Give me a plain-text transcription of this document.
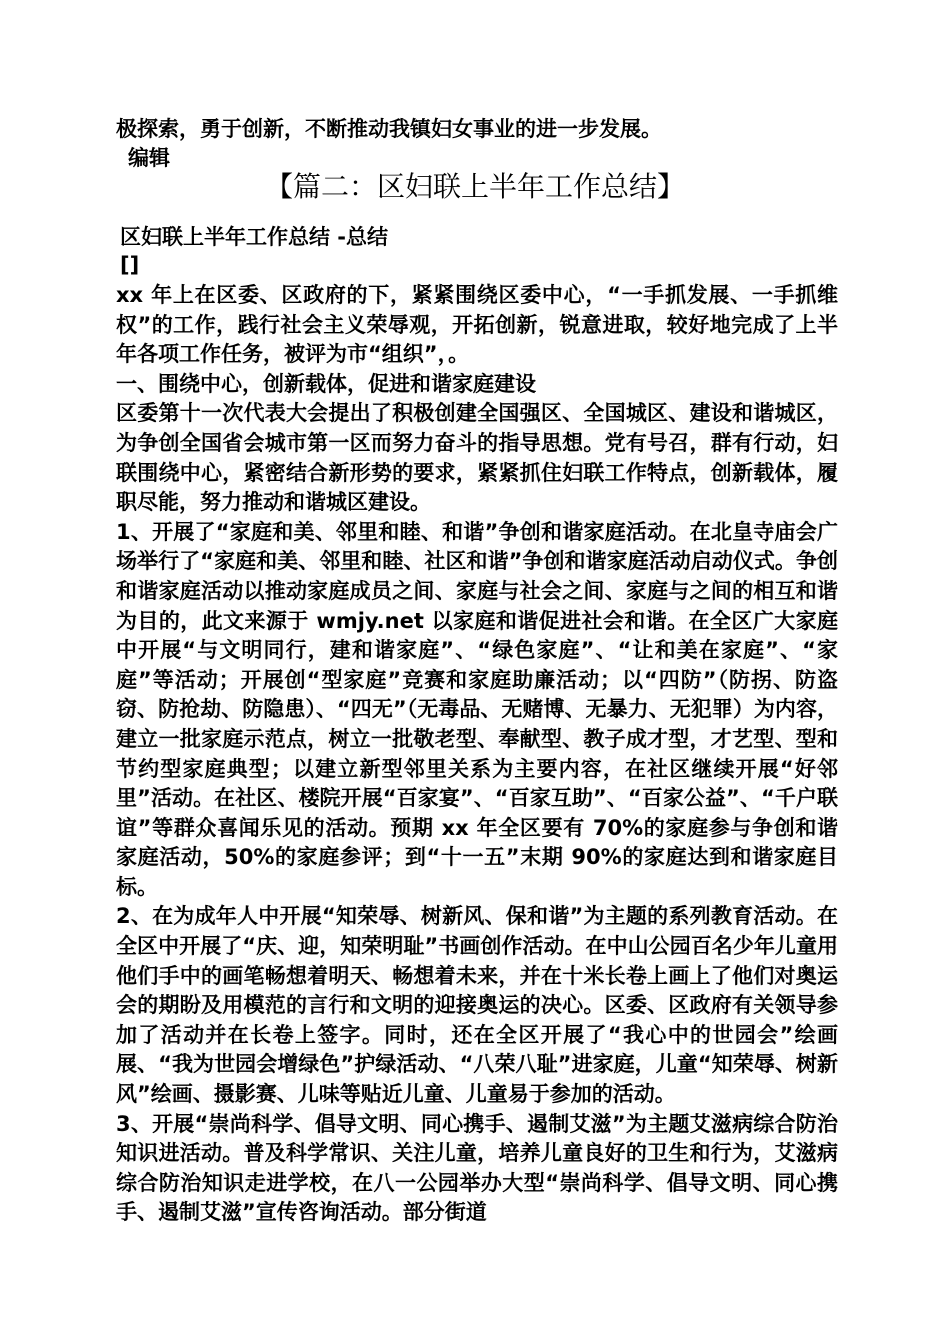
极探索，勇于创新，不断推动我镇妇女事业的进一步发展。
编辑
【篇二：区妇联上半年工作总结】
区妇联上半年工作总结 -总结
[]

xx 年上在区委、区政府的下，紧紧围绕区委中心，“一手抓发展、一手抓维权”的工作，践行社会主义荣辱观，开拓创新，锐意进取，较好地完成了上半年各项工作任务，被评为市“组织”，。

一、围绕中心，创新载体，促进和谐家庭建设

区委第十一次代表大会提出了积极创建全国强区、全国城区、建设和谐城区，为争创全国省会城市第一区而努力奋斗的指导思想。党有号召，群有行动，妇联围绕中心，紧密结合新形势的要求，紧紧抓住妇联工作特点，创新载体，履职尽能，努力推动和谐城区建设。

1、开展了“家庭和美、邻里和睦、和谐”争创和谐家庭活动。在北皇寺庙会广场举行了“家庭和美、邻里和睦、社区和谐”争创和谐家庭活动启动仪式。争创和谐家庭活动以推动家庭成员之间、家庭与社会之间、家庭与之间的相互和谐为目的，此文来源于 wmjy.net 以家庭和谐促进社会和谐。在全区广大家庭中开展“与文明同行，建和谐家庭”、“绿色家庭”、“让和美在家庭”、“家庭”等活动；开展创“型家庭”竞赛和家庭助廉活动；以“四防”（防拐、防盗窃、防抢劫、防隐患）、“四无”（无毒品、无赌博、无暴力、无犯罪）为内容，建立一批家庭示范点，树立一批敬老型、奉献型、教子成才型，才艺型、型和节约型家庭典型；以建立新型邻里关系为主要内容，在社区继续开展“好邻里”活动。在社区、楼院开展“百家宴”、“百家互助”、“百家公益”、“千户联谊”等群众喜闻乐见的活动。预期 xx 年全区要有 70%的家庭参与争创和谐家庭活动，50%的家庭参评；到“十一五”末期 90%的家庭达到和谐家庭目标。

2、在为成年人中开展“知荣辱、树新风、保和谐”为主题的系列教育活动。在全区中开展了“庆、迎，知荣明耻”书画创作活动。在中山公园百名少年儿童用他们手中的画笔畅想着明天、畅想着未来，并在十米长卷上画上了他们对奥运会的期盼及用模范的言行和文明的迎接奥运的决心。区委、区政府有关领导参加了活动并在长卷上签字。同时，还在全区开展了“我心中的世园会”绘画展、“我为世园会增绿色”护绿活动、“八荣八耻”进家庭，儿童“知荣辱、树新风”绘画、摄影赛、儿味等贴近儿童、儿童易于参加的活动。

3、开展“崇尚科学、倡导文明、同心携手、遏制艾滋”为主题艾滋病综合防治知识进活动。普及科学常识、关注儿童，培养儿童良好的卫生和行为，艾滋病综合防治知识走进学校，在八一公园举办大型“崇尚科学、倡导文明、同心携手、遏制艾滋”宣传咨询活动。部分街道
